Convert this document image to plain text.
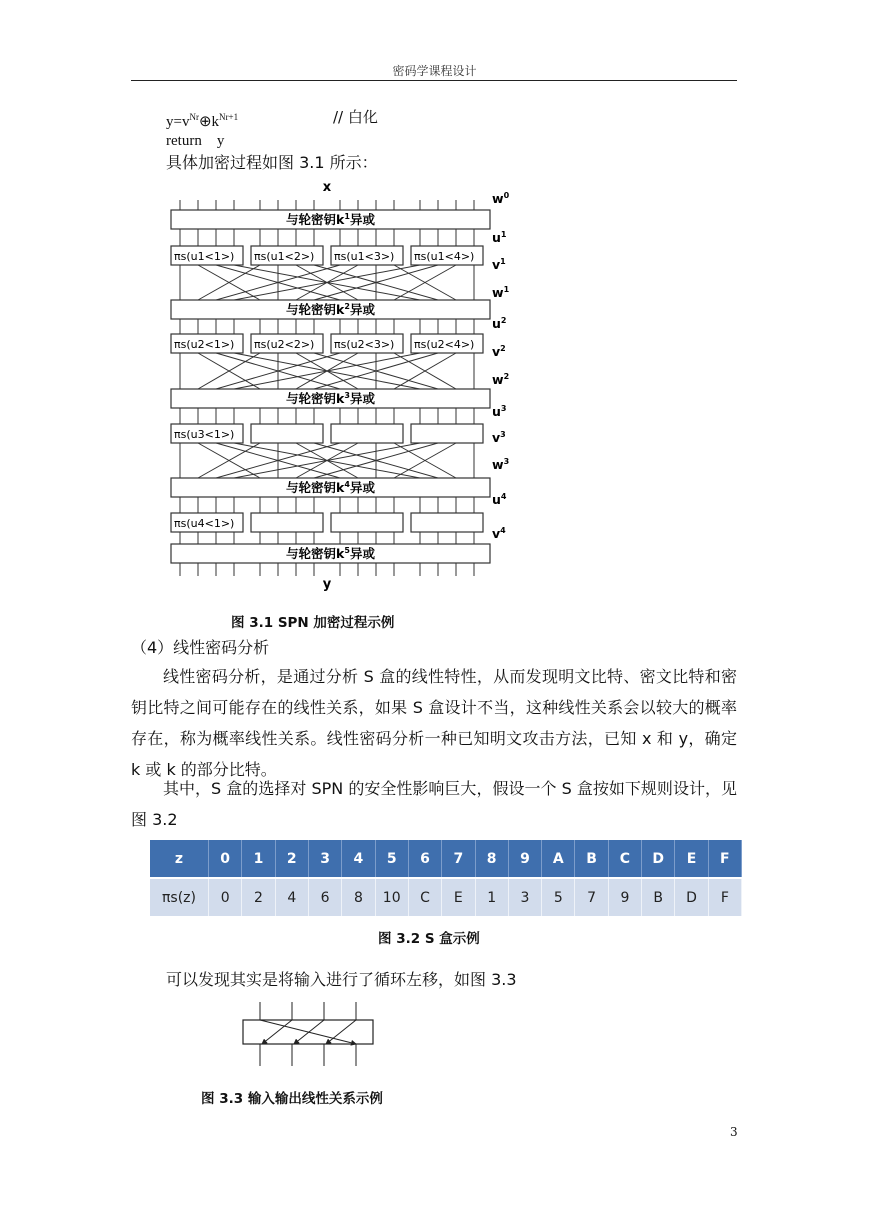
密码学课程设计
$y=v^{Nr}\oplus k^{Nr+1}$	// 白化
return    y
具体加密过程如图 3.1 所示：
x
y
与轮密钥$k^1$异或
πs(u1<1>) πs(u1<2>) πs(u1<3>) πs(u1<4>)
与轮密钥$k^2$异或
πs(u2<1>) πs(u2<2>) πs(u2<3>) πs(u2<4>)
与轮密钥$k^3$异或
πs(u3<1>)
与轮密钥$k^4$异或
πs(u4<1>)
与轮密钥$k^5$异或
$w^0$
$u^1$
$v^1$
$w^1$
$u^2$
$v^2$
$w^2$
$u^3$
$v^3$
$w^3$
$u^4$
$v^4$
图 3.1 SPN 加密过程示例
（4）线性密码分析
线性密码分析，是通过分析 S 盒的线性特性，从而发现明文比特、密文比特和密钥比特之间可能存在的线性关系，如果 S 盒设计不当，这种线性关系会以较大的概率存在，称为概率线性关系。线性密码分析一种已知明文攻击方法，已知 x 和 y，确定 k 或 k 的部分比特。
其中，S 盒的选择对 SPN 的安全性影响巨大，假设一个 S 盒按如下规则设计，见图 3.2
z	0	1	2	3	4	5	6	7	8	9	A	B	C	D	E	F
πs(z)	0	2	4	6	8	10	C	E	1	3	5	7	9	B	D	F
图 3.2 S 盒示例
可以发现其实是将输入进行了循环左移，如图 3.3
图 3.3 输入输出线性关系示例
3
